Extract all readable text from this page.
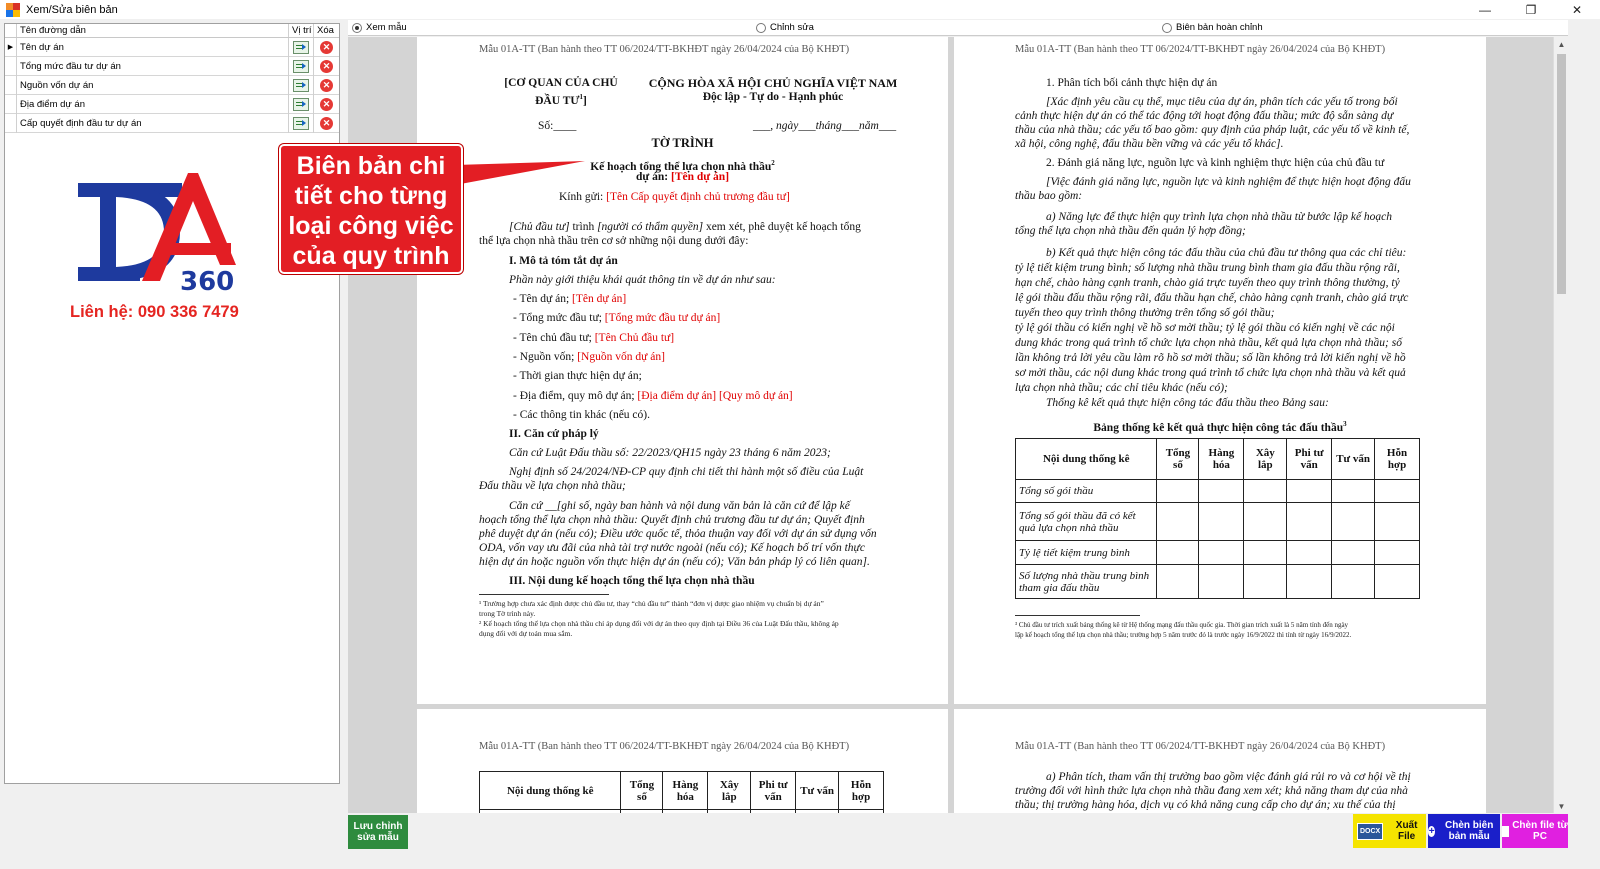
Xem/Sửa biên bản	—	❐	✕
Tên đường dẫn	Vị trí Xóa
▶ Tên dự án	✕
Tổng mức đầu tư dự án	✕
Nguồn vốn dự án	✕
Địa điểm dự án	✕
Cấp quyết định đầu tư dự án	✕
360
Liên hệ: 090 336 7479
Xem mẫu	Chỉnh sửa	Biên bản hoàn chỉnh
Mẫu 01A-TT (Ban hành theo TT 06/2024/TT-BKHĐT ngày 26/04/2024 của Bộ KHĐT)
[CƠ QUAN CỦA CHỦ
ĐẦU $TƯ^1$]
CỘNG HÒA XÃ HỘI CHỦ NGHĨA VIỆT NAM
Độc lập - Tự do - Hạnh phúc
Số:____	___, ngày___tháng___năm___
TỜ TRÌNH
Kế hoạch tổng thể lựa chọn nhà thầu$^2$
dự án: [Tên dự án]
Kính gửi: [Tên Cấp quyết định chủ trương đầu tư]
[Chủ đầu tư] trình [người có thẩm quyền] xem xét, phê duyệt kế hoạch tổng
thể lựa chọn nhà thầu trên cơ sở những nội dung dưới đây:
I. Mô tả tóm tắt dự án
Phần này giới thiệu khái quát thông tin về dự án như sau:
- Tên dự án; [Tên dự án]
- Tổng mức đầu tư; [Tổng mức đầu tư dự án]
- Tên chủ đầu tư; [Tên Chủ đầu tư]
- Nguồn vốn; [Nguồn vốn dự án]
- Thời gian thực hiện dự án;
- Địa điểm, quy mô dự án; [Địa điểm dự án] [Quy mô dự án]
- Các thông tin khác (nếu có).
II. Căn cứ pháp lý
Căn cứ Luật Đấu thầu số: 22/2023/QH15 ngày 23 tháng 6 năm 2023;
Nghị định số 24/2024/NĐ-CP quy định chi tiết thi hành một số điều của Luật
Đấu thầu về lựa chọn nhà thầu;
Căn cứ __[ghi số, ngày ban hành và nội dung văn bản là căn cứ để lập kế
hoạch tổng thể lựa chọn nhà thầu: Quyết định chủ trương đầu tư dự án; Quyết định
phê duyệt dự án (nếu có); Điều ước quốc tế, thỏa thuận vay đối với dự án sử dụng vốn
ODA, vốn vay ưu đãi của nhà tài trợ nước ngoài (nếu có); Kế hoạch bố trí vốn thực
hiện dự án hoặc nguồn vốn thực hiện dự án (nếu có); Văn bản pháp lý có liên quan].
III. Nội dung kế hoạch tổng thể lựa chọn nhà thầu
¹ Trường hợp chưa xác định được chủ đầu tư, thay “chủ đầu tư” thành “đơn vị được giao nhiệm vụ chuẩn bị dự án”
trong Tờ trình này.
² Kế hoạch tổng thể lựa chọn nhà thầu chỉ áp dụng đối với dự án theo quy định tại Điều 36 của Luật Đấu thầu, không áp
dụng đối với dự toán mua sắm.
Mẫu 01A-TT (Ban hành theo TT 06/2024/TT-BKHĐT ngày 26/04/2024 của Bộ KHĐT)
1. Phân tích bối cảnh thực hiện dự án
[Xác định yêu cầu cụ thể, mục tiêu của dự án, phân tích các yếu tố trong bối
cảnh thực hiện dự án có thể tác động tới hoạt động đấu thầu; mức độ sẵn sàng dự
thầu của nhà thầu; các yếu tố bao gồm: quy định của pháp luật, các yếu tố về kinh tế,
xã hội, công nghệ, đấu thầu bền vững và các yếu tố khác].
2. Đánh giá năng lực, nguồn lực và kinh nghiệm thực hiện của chủ đầu tư
[Việc đánh giá năng lực, nguồn lực và kinh nghiệm để thực hiện hoạt động đấu
thầu bao gồm:
a) Năng lực để thực hiện quy trình lựa chọn nhà thầu từ bước lập kế hoạch
tổng thể lựa chọn nhà thầu đến quản lý hợp đồng;
b) Kết quả thực hiện công tác đấu thầu của chủ đầu tư thông qua các chỉ tiêu:
tỷ lệ tiết kiệm trung bình; số lượng nhà thầu trung bình tham gia đấu thầu rộng rãi,
hạn chế, chào hàng cạnh tranh, chào giá trực tuyến theo quy trình thông thường, tỷ
lệ gói thầu đấu thầu rộng rãi, đấu thầu hạn chế, chào hàng cạnh tranh, chào giá trực
tuyến theo quy trình thông thường trên tổng số gói thầu;
tỷ lệ gói thầu có kiến nghị về hồ sơ mời thầu; tỷ lệ gói thầu có kiến nghị về các nội
dung khác trong quá trình tổ chức lựa chọn nhà thầu, kết quả lựa chọn nhà thầu; số
lần không trả lời yêu cầu làm rõ hồ sơ mời thầu; số lần không trả lời kiến nghị về hồ
sơ mời thầu, các nội dung khác trong quá trình tổ chức lựa chọn nhà thầu và kết quả
lựa chọn nhà thầu; các chỉ tiêu khác (nếu có);
Thống kê kết quả thực hiện công tác đấu thầu theo Bảng sau:
Bảng thống kê kết quả thực hiện công tác đấu thầu$^3$
Nội dung thống kê	Tổng số	Hàng hóa	Xây lắp	Phi tư vấn	Tư vấn	Hỗn hợp
Tổng số gói thầu						
Tổng số gói thầu đã có kết quả lựa chọn nhà thầu						
Tỷ lệ tiết kiệm trung bình						
Số lượng nhà thầu trung bình tham gia đấu thầu						
³ Chủ đầu tư trích xuất bảng thống kê từ Hệ thống mạng đấu thầu quốc gia. Thời gian trích xuất là 5 năm tính đến ngày
lập kế hoạch tổng thể lựa chọn nhà thầu; trường hợp 5 năm trước đó là trước ngày 16/9/2022 thì tính từ ngày 16/9/2022.
Mẫu 01A-TT (Ban hành theo TT 06/2024/TT-BKHĐT ngày 26/04/2024 của Bộ KHĐT)
Nội dung thống kê	Tổng số	Hàng hóa	Xây lắp	Phi tư vấn	Tư vấn	Hỗn hợp

Mẫu 01A-TT (Ban hành theo TT 06/2024/TT-BKHĐT ngày 26/04/2024 của Bộ KHĐT)
a) Phân tích, tham vấn thị trường bao gồm việc đánh giá rủi ro và cơ hội về thị
trường đối với hình thức lựa chọn nhà thầu đang xem xét; khả năng tham dự của nhà
thầu; thị trường hàng hóa, dịch vụ có khả năng cung cấp cho dự án; xu thế của thị
▲
▼
Biên bản chi tiết cho từng loại công việc của quy trình
Lưu chỉnh sửa mẫu
DOCX	Xuất File	+	Chèn biên bản mẫu
Chèn file từ PC
